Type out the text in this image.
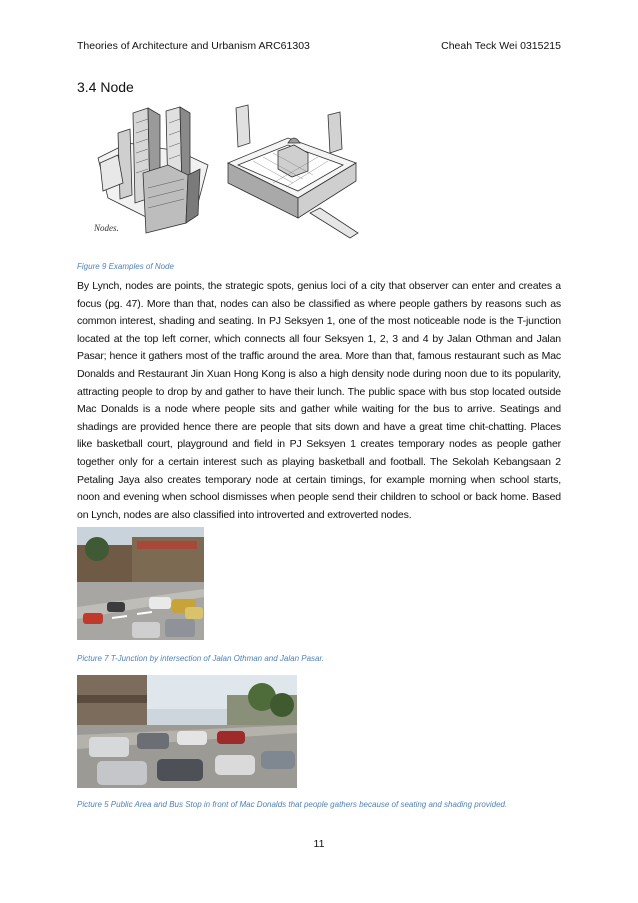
Theories of Architecture and Urbanism ARC61303	Cheah Teck Wei 0315215
3.4 Node
Nodes.
Figure 9 Examples of Node
By Lynch, nodes are points, the strategic spots, genius loci of a city that observer can enter and creates a focus (pg. 47). More than that, nodes can also be classified as where people gathers by reasons such as common interest, shading and seating. In PJ Seksyen 1, one of the most noticeable node is the T-junction located at the top left corner, which connects all four Seksyen 1, 2, 3 and 4 by Jalan Othman and Jalan Pasar; hence it gathers most of the traffic around the area. More than that, famous restaurant such as Mac Donalds and Restaurant Jin Xuan Hong Kong is also a high density node during noon due to its popularity, attracting people to drop by and gather to have their lunch. The public space with bus stop located outside Mac Donalds is a node where people sits and gather while waiting for the bus to arrive. Seatings and shadings are provided hence there are people that sits down and have a great time chit-chatting. Places like basketball court, playground and field in PJ Seksyen 1 creates temporary nodes as people gather together only for a certain interest such as playing basketball and football. The Sekolah Kebangsaan 2 Petaling Jaya also creates temporary node at certain timings, for example morning when school starts, noon and evening when school dismisses when people send their children to school or back home. Based on Lynch, nodes are also classified into introverted and extroverted nodes.
Picture 7 T-Junction by intersection of Jalan Othman and Jalan Pasar.
Picture 5 Public Area and Bus Stop in front of Mac Donalds that people gathers because of seating and shading provided.
11
